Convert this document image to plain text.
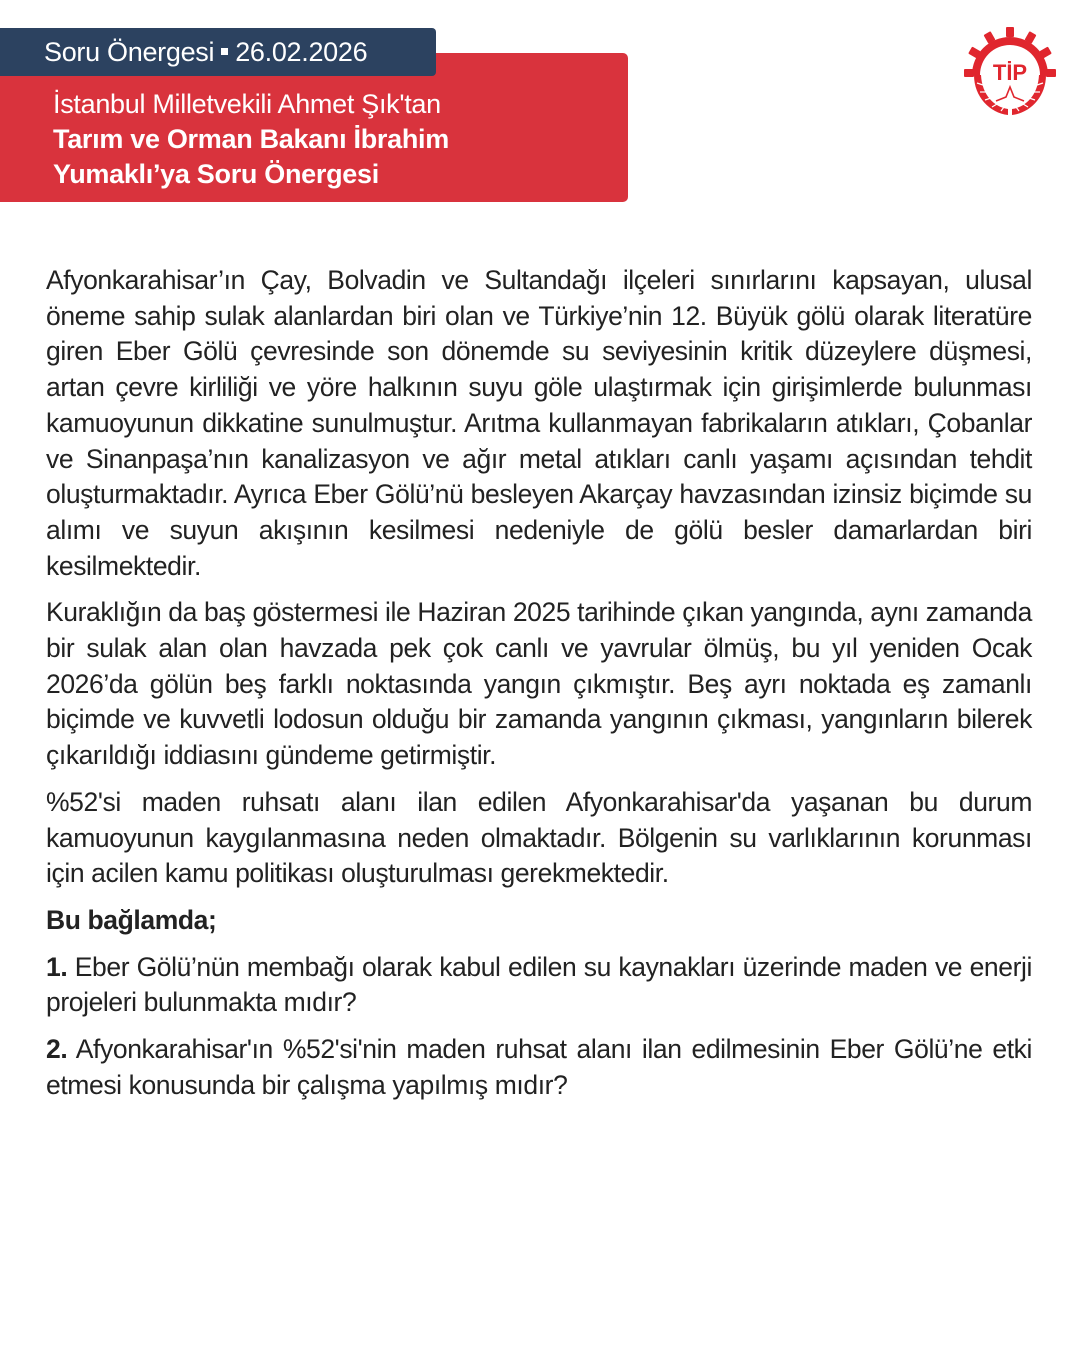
İstanbul Milletvekili Ahmet Şık'tan
Tarım ve Orman Bakanı İbrahim
Yumaklı’ya Soru Önergesi
Soru Önergesi 26.02.2026
TİP

Afyonkarahisar’ın Çay, Bolvadin ve Sultandağı ilçeleri sınırlarını kapsayan, ulusal öneme sahip sulak alanlardan biri olan ve Türkiye’nin 12. Büyük gölü olarak literatüre giren Eber Gölü çevresinde son dönemde su seviyesinin kritik düzeylere düşmesi, artan çevre kirliliği ve yöre halkının suyu göle ulaştırmak için girişimlerde bulunması kamuoyunun dikkatine sunulmuştur. Arıtma kullanmayan fabrikaların atıkları, Çobanlar ve Sinanpaşa’nın kanalizasyon ve ağır metal atıkları canlı yaşamı açısından tehdit oluşturmaktadır. Ayrıca Eber Gölü’nü besleyen Akarçay havzasından izinsiz biçimde su alımı ve suyun akışının kesilmesi nedeniyle de gölü besler damarlardan biri kesilmektedir.

Kuraklığın da baş göstermesi ile Haziran 2025 tarihinde çıkan yangında, aynı zamanda bir sulak alan olan havzada pek çok canlı ve yavrular ölmüş, bu yıl yeniden Ocak 2026’da gölün beş farklı noktasında yangın çıkmıştır. Beş ayrı noktada eş zamanlı biçimde ve kuvvetli lodosun olduğu bir zamanda yangının çıkması, yangınların bilerek çıkarıldığı iddiasını gündeme getirmiştir.

%52'si maden ruhsatı alanı ilan edilen Afyonkarahisar'da yaşanan bu durum kamuoyunun kaygılanmasına neden olmaktadır. Bölgenin su varlıklarının korunması için acilen kamu politikası oluşturulması gerekmektedir.

Bu bağlamda;

1. Eber Gölü’nün membağı olarak kabul edilen su kaynakları üzerinde maden ve enerji projeleri bulunmakta mıdır?

2. Afyonkarahisar'ın %52'si'nin maden ruhsat alanı ilan edilmesinin Eber Gölü’ne etki etmesi konusunda bir çalışma yapılmış mıdır?
